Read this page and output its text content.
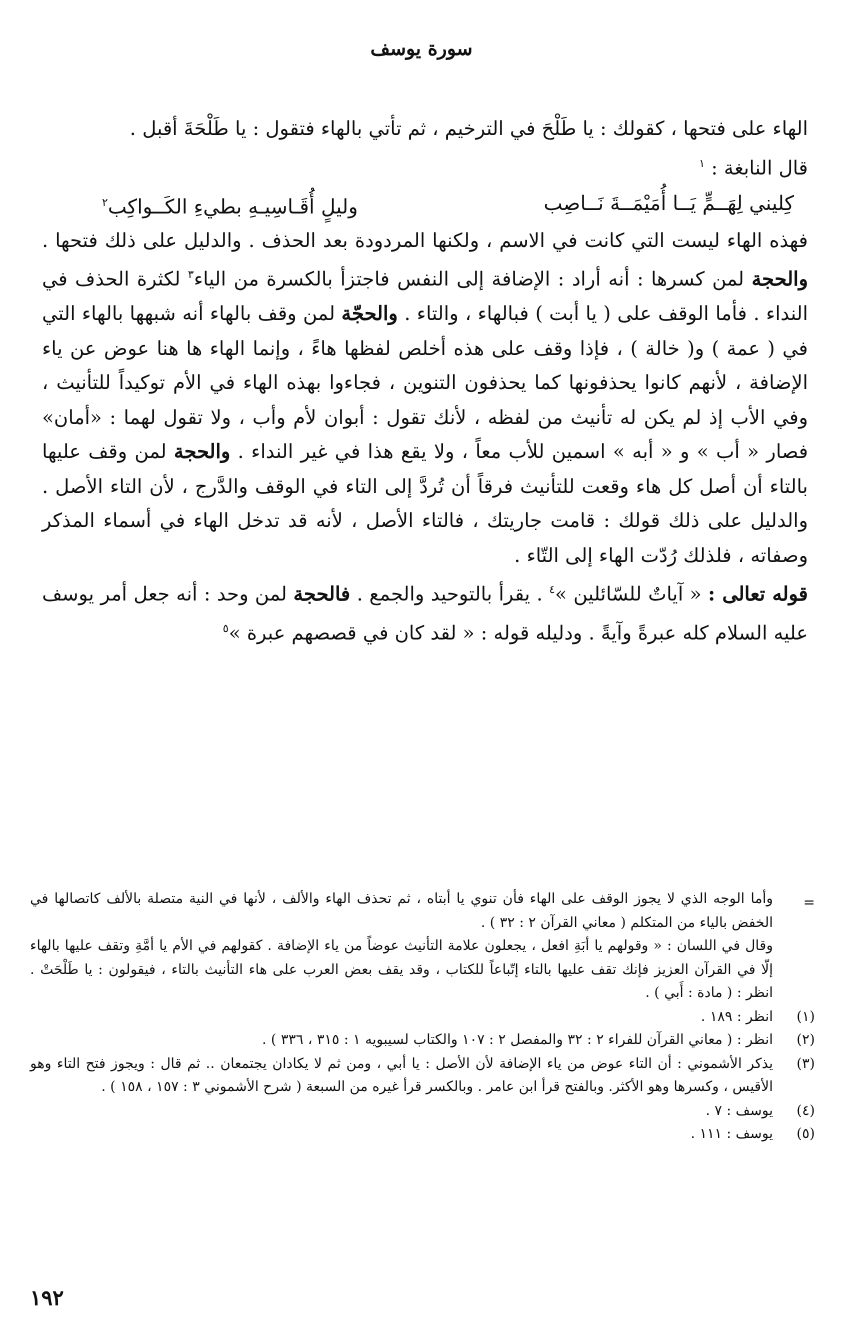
سورة يوسف

الهاء على فتحها ، كقولك : يا طَلْحَ في الترخيم ، ثم تأتي بالهاء فتقول : يا طَلْحَةَ أقبل .

قال النابغة : $^١$

كِليني لِهَــمٍّ يَــا أُمَيْمَــةَ نَــاصِب
وليلٍ أُقَـاسِيـهِ بطيءِ الكَــواكِب$^٢$

فهذه الهاء ليست التي كانت في الاسم ، ولكنها المردودة بعد الحذف . والدليل على ذلك فتحها . والحجة لمن كسرها : أنه أراد : الإضافة إلى النفس فاجتزأ بالكسرة من الياء$^٣$ لكثرة الحذف في النداء . فأما الوقف على ( يا أبت ) فبالهاء ، والتاء . والحجّة لمن وقف بالهاء أنه شبهها بالهاء التي في ( عمة ) و( خالة ) ، فإذا وقف على هذه أخلص لفظها هاءً ، وإنما الهاء ها هنا عوض عن ياء الإضافة ، لأنهم كانوا يحذفونها كما يحذفون التنوين ، فجاءوا بهذه الهاء في الأم توكيداً للتأنيث ، وفي الأب إذ لم يكن له تأنيث من لفظه ، لأنك تقول : أبوان لأم وأب ، ولا تقول لهما : «أمان» فصار « أب » و « أبه » اسمين للأب معاً ، ولا يقع هذا في غير النداء . والحجة لمن وقف عليها بالتاء أن أصل كل هاء وقعت للتأنيث فرقاً أن تُردَّ إلى التاء في الوقف والدَّرج ، لأن التاء الأصل . والدليل على ذلك قولك : قامت جاريتك ، فالتاء الأصل ، لأنه قد تدخل الهاء في أسماء المذكر وصفاته ، فلذلك رُدّت الهاء إلى التّاء .

قوله تعالى : « آياتٌ للسّائلين »$^٤$ . يقرأ بالتوحيد والجمع . فالحجة لمن وحد : أنه جعل أمر يوسف عليه السلام كله عبرةً وآيةً . ودليله قوله : « لقد كان في قصصهم عبرة »$^٥$

=

وأما الوجه الذي لا يجوز الوقف على الهاء فأن تنوي يا أبتاه ، ثم تحذف الهاء والألف ، لأنها في النية متصلة بالألف كاتصالها في الخفض بالياء من المتكلم ( معاني القرآن ٢ : ٣٢ ) .

وقال في اللسان : « وقولهم يا أبَةِ افعل ، يجعلون علامة التأنيث عوضاً من ياء الإضافة . كقولهم في الأم يا أمَّةِ وتقف عليها بالهاء إلّا في القرآن العزيز فإنك تقف عليها بالتاء إتّباعاً للكتاب ، وقد يقف بعض العرب على هاء التأنيث بالتاء ، فيقولون : يا طَلْحَتْ . انظر : ( مادة : أَبي ) .

(١)
انظر : ١٨٩ .
(٢)
انظر : ( معاني القرآن للفراء ٢ : ٣٢ والمفصل ٢ : ١٠٧ والكتاب لسيبويه ١ : ٣١٥ ، ٣٣٦ ) .
(٣)
يذكر الأشموني : أن التاء عوض من ياء الإضافة لأن الأصل : يا أبي ، ومن ثم لا يكادان يجتمعان .. ثم قال : ويجوز فتح التاء وهو الأقيس ، وكسرها وهو الأكثر. وبالفتح قرأ ابن عامر . وبالكسر قرأ غيره من السبعة ( شرح الأشموني ٣ : ١٥٧ ، ١٥٨ ) .
(٤)
يوسف : ٧ .
(٥)
يوسف : ١١١ .
١٩٢
